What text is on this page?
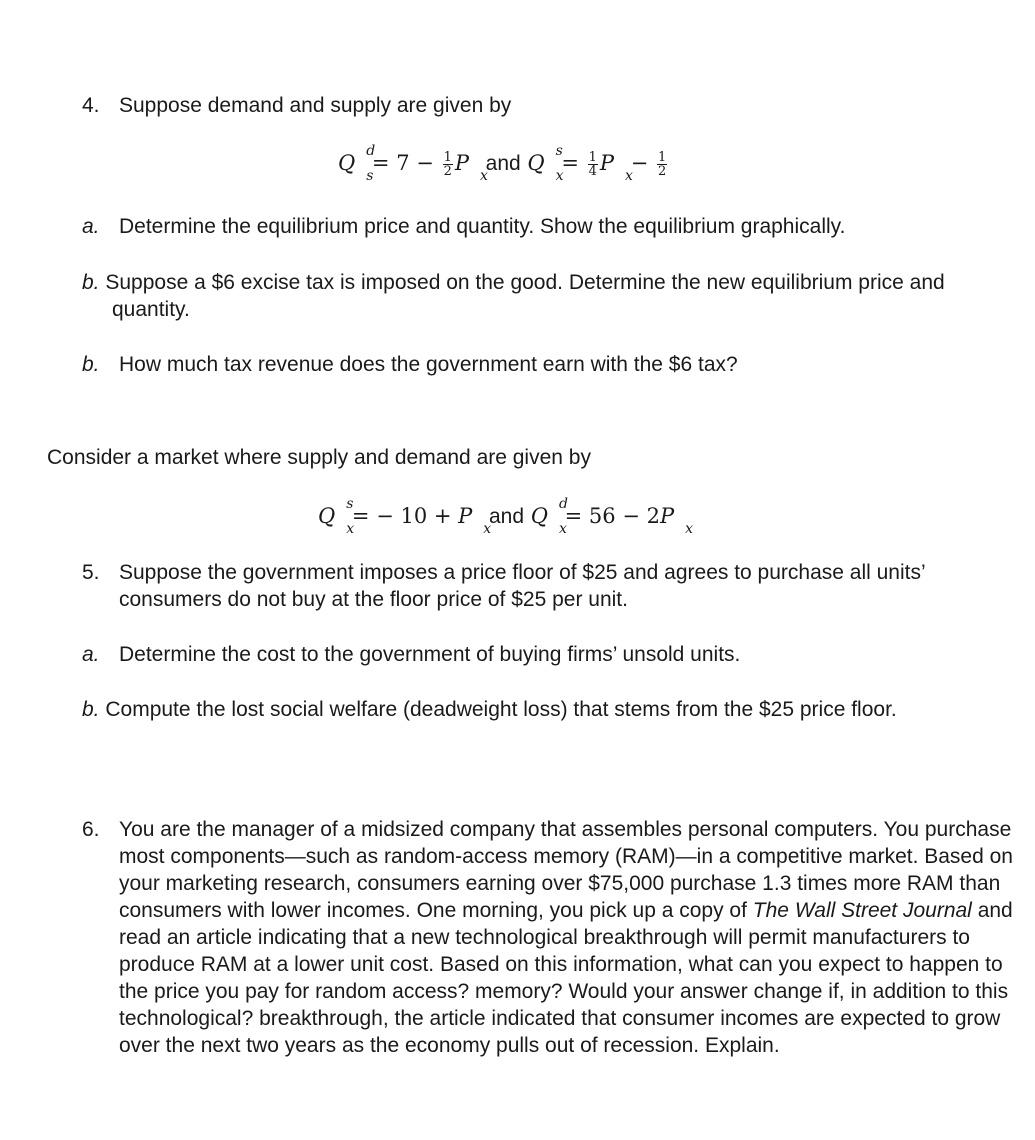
4. Suppose demand and supply are given by

Q d
s
= $7 - \frac{1}{2}$ P
x
and Q s
x
= $\frac{1}{4}$ P
x
− $\frac{1}{2}$

a. Determine the equilibrium price and quantity. Show the equilibrium graphically.

b. Suppose a $6 excise tax is imposed on the good. Determine the new equilibrium price and quantity.

b. How much tax revenue does the government earn with the $6 tax?

Consider a market where supply and demand are given by

Q s
x
= − 10 + P
x
and Q d
x
= 56 − 2P
x

5. Suppose the government imposes a price floor of $25 and agrees to purchase all units’ consumers do not buy at the floor price of $25 per unit.

a. Determine the cost to the government of buying firms’ unsold units.

b. Compute the lost social welfare (deadweight loss) that stems from the $25 price floor.

6. You are the manager of a midsized company that assembles personal computers. You purchase most components—such as random-access memory (RAM)—in a competitive market. Based on your marketing research, consumers earning over $75,000 purchase 1.3 times more RAM than consumers with lower incomes. One morning, you pick up a copy of The Wall Street Journal and read an article indicating that a new technological breakthrough will permit manufacturers to produce RAM at a lower unit cost. Based on this information, what can you expect to happen to the price you pay for random access? memory? Would your answer change if, in addition to this technological? breakthrough, the article indicated that consumer incomes are expected to grow over the next two years as the economy pulls out of recession. Explain.
